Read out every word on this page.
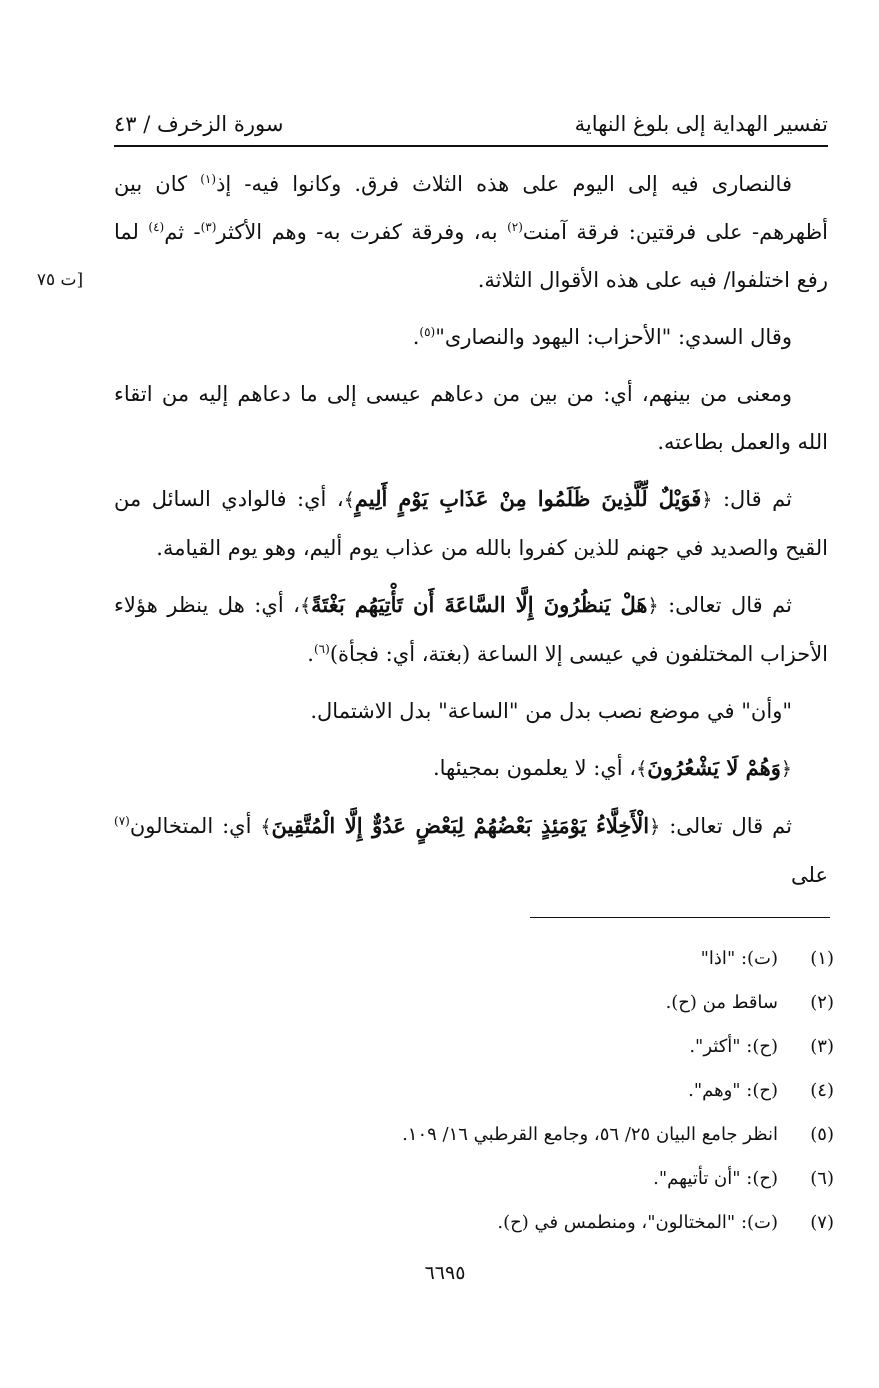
تفسير الهداية إلى بلوغ النهاية
سورة الزخرف / ٤٣
[ت ٧٥

فالنصارى فيه إلى اليوم على هذه الثلاث فرق. وكانوا فيه- إذ$^{(١)}$ كان بين أظهرهم- على فرقتين: فرقة آمنت$^{(٢)}$ به، وفرقة كفرت به- وهم الأكثر$^{(٣)}$- ثم$^{(٤)}$ لما رفع اختلفوا/ فيه على هذه الأقوال الثلاثة.

وقال السدي: "الأحزاب: اليهود والنصارى"$^{(٥)}$.

ومعنى من بينهم، أي: من بين من دعاهم عيسى إلى ما دعاهم إليه من اتقاء الله والعمل بطاعته.

ثم قال: ﴿فَوَيْلٌ لِّلَّذِينَ ظَلَمُوا مِنْ عَذَابِ يَوْمٍ أَلِيمٍ﴾، أي: فالوادي السائل من القيح والصديد في جهنم للذين كفروا بالله من عذاب يوم أليم، وهو يوم القيامة.

ثم قال تعالى: ﴿هَلْ يَنظُرُونَ إِلَّا السَّاعَةَ أَن تَأْتِيَهُم بَغْتَةً﴾، أي: هل ينظر هؤلاء الأحزاب المختلفون في عيسى إلا الساعة (بغتة، أي: فجأة)$^{(٦)}$.

"وأن" في موضع نصب بدل من "الساعة" بدل الاشتمال.

﴿وَهُمْ لَا يَشْعُرُونَ﴾، أي: لا يعلمون بمجيئها.

ثم قال تعالى: ﴿الْأَخِلَّاءُ يَوْمَئِذٍ بَعْضُهُمْ لِبَعْضٍ عَدُوٌّ إِلَّا الْمُتَّقِينَ﴾ أي: المتخالون$^{(٧)}$ على

(١)
(ت): "اذا"
(٢)
ساقط من (ح).
(٣)
(ح): "أكثر".
(٤)
(ح): "وهم".
(٥)
انظر جامع البيان ٢٥/ ٥٦، وجامع القرطبي ١٦/ ١٠٩.
(٦)
(ح): "أن تأتيهم".
(٧)
(ت): "المختالون"، ومنطمس في (ح).
٦٦٩٥
